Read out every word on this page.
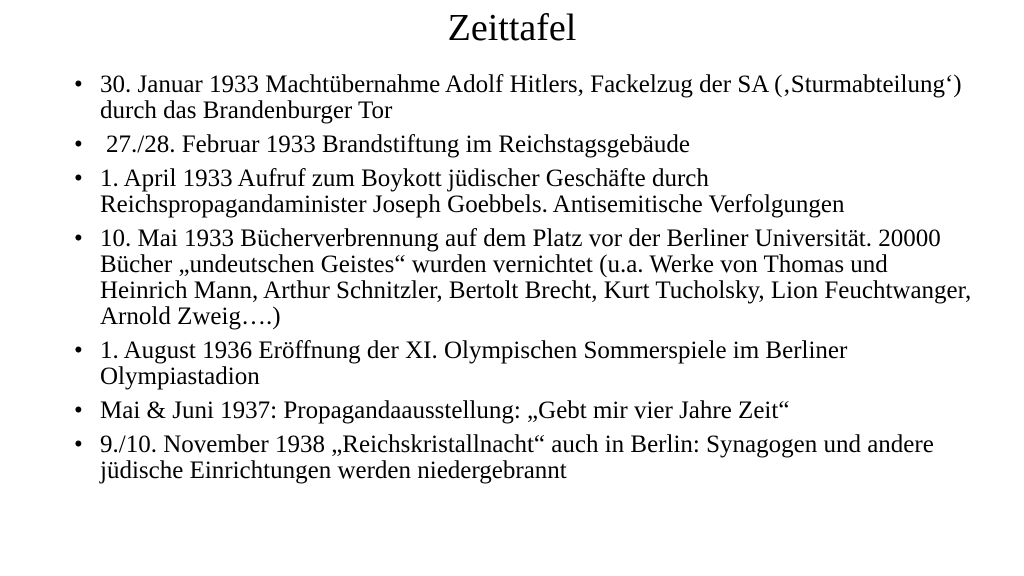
Zeittafel
• 30. Januar 1933 Machtübernahme Adolf Hitlers, Fackelzug der SA (‚Sturmabteilung‘) durch das Brandenburger Tor
• 27./28. Februar 1933 Brandstiftung im Reichstagsgebäude
• 1. April 1933 Aufruf zum Boykott jüdischer Geschäfte durch Reichspropagandaminister Joseph Goebbels. Antisemitische Verfolgungen
• 10. Mai 1933 Bücherverbrennung auf dem Platz vor der Berliner Universität. 20000 Bücher „undeutschen Geistes“ wurden vernichtet (u.a. Werke von Thomas und Heinrich Mann, Arthur Schnitzler, Bertolt Brecht, Kurt Tucholsky, Lion Feuchtwanger, Arnold Zweig….)
• 1. August 1936 Eröffnung der XI. Olympischen Sommerspiele im Berliner Olympiastadion
• Mai & Juni 1937: Propagandaausstellung: „Gebt mir vier Jahre Zeit“
• 9./10. November 1938 „Reichskristallnacht“ auch in Berlin: Synagogen und andere jüdische Einrichtungen werden niedergebrannt
